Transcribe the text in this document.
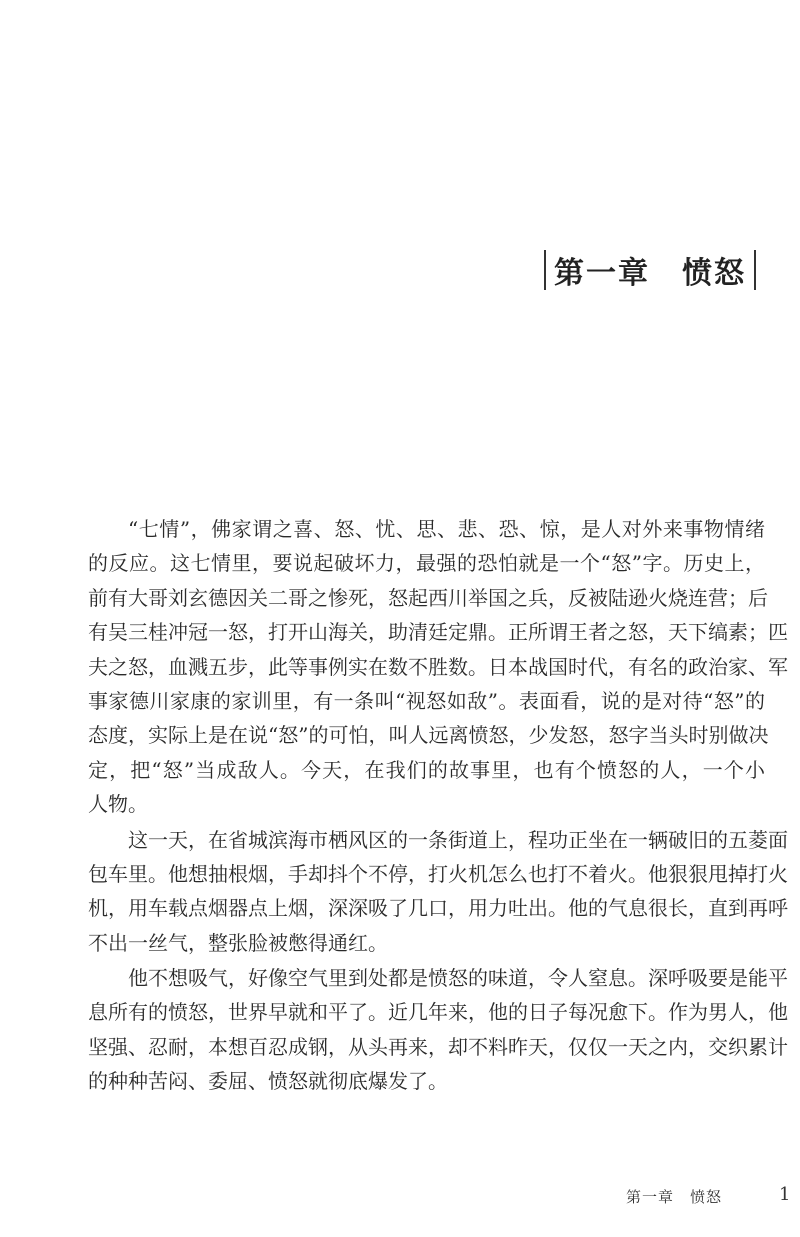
第一章　愤怒
“七情”，佛家谓之喜、怒、忧、思、悲、恐、惊，是人对外来事物情绪
的反应。这七情里，要说起破坏力，最强的恐怕就是一个“怒”字。历史上，
前有大哥刘玄德因关二哥之惨死，怒起西川举国之兵，反被陆逊火烧连营；后
有吴三桂冲冠一怒，打开山海关，助清廷定鼎。正所谓王者之怒，天下缟素；匹
夫之怒，血溅五步，此等事例实在数不胜数。日本战国时代，有名的政治家、军
事家德川家康的家训里，有一条叫“视怒如敌”。表面看，说的是对待“怒”的
态度，实际上是在说“怒”的可怕，叫人远离愤怒，少发怒，怒字当头时别做决
定，把“怒”当成敌人。今天，在我们的故事里，也有个愤怒的人，一个小
人物。
这一天，在省城滨海市栖风区的一条街道上，程功正坐在一辆破旧的五菱面
包车里。他想抽根烟，手却抖个不停，打火机怎么也打不着火。他狠狠甩掉打火
机，用车载点烟器点上烟，深深吸了几口，用力吐出。他的气息很长，直到再呼
不出一丝气，整张脸被憋得通红。
他不想吸气，好像空气里到处都是愤怒的味道，令人窒息。深呼吸要是能平
息所有的愤怒，世界早就和平了。近几年来，他的日子每况愈下。作为男人，他
坚强、忍耐，本想百忍成钢，从头再来，却不料昨天，仅仅一天之内，交织累计
的种种苦闷、委屈、愤怒就彻底爆发了。
第一章　愤怒	1
